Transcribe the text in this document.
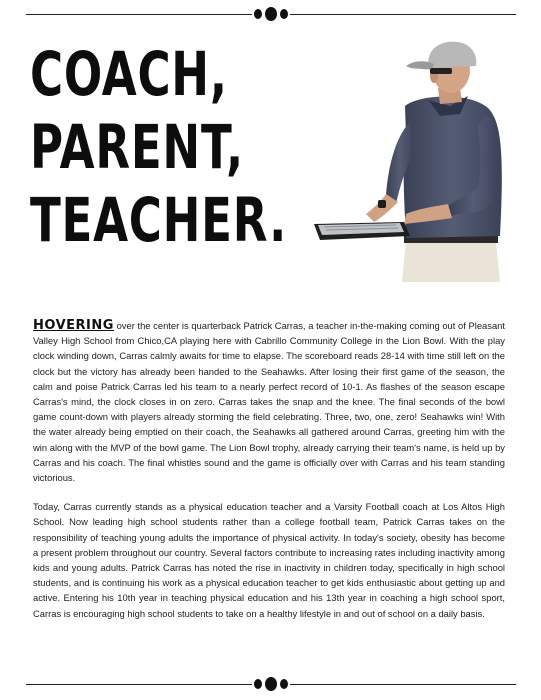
COACH,
PARENT,
TEACHER.

HOVERING over the center is quarterback Patrick Carras, a teacher in-the-making coming out of Pleasant Valley High School from Chico,CA playing here with Cabrillo Community College in the Lion Bowl. With the play clock winding down, Carras calmly awaits for time to elapse. The scoreboard reads 28-14 with time still left on the clock but the victory has already been handed to the Seahawks. After losing their first game of the season, the calm and poise Patrick Carras led his team to a nearly perfect record of 10-1. As flashes of the season escape Carras's mind, the clock closes in on zero. Carras takes the snap and the knee. The final seconds of the bowl game count-down with players already storming the field celebrating. Three, two, one, zero! Seahawks win! With the water already being emptied on their coach, the Seahawks all gathered around Carras, greeting him with the win along with the MVP of the bowl game. The Lion Bowl trophy, already carrying their team's name, is held up by Carras and his coach. The final whistles sound and the game is officially over with Carras and his team standing victorious.

Today, Carras currently stands as a physical education teacher and a Varsity Football coach at Los Altos High School. Now leading high school students rather than a college football team, Patrick Carras takes on the responsibility of teaching young adults the importance of physical activity. In today's society, obesity has become a present problem throughout our country. Several factors contribute to increasing rates including inactivity among kids and young adults. Patrick Carras has noted the rise in inactivity in children today, specifically in high school students, and is continuing his work as a physical education teacher to get kids enthusiastic about getting up and active. Entering his 10th year in teaching physical education and his 13th year in coaching a high school sport, Carras is encouraging high school students to take on a healthy lifestyle in and out of school on a daily basis.
